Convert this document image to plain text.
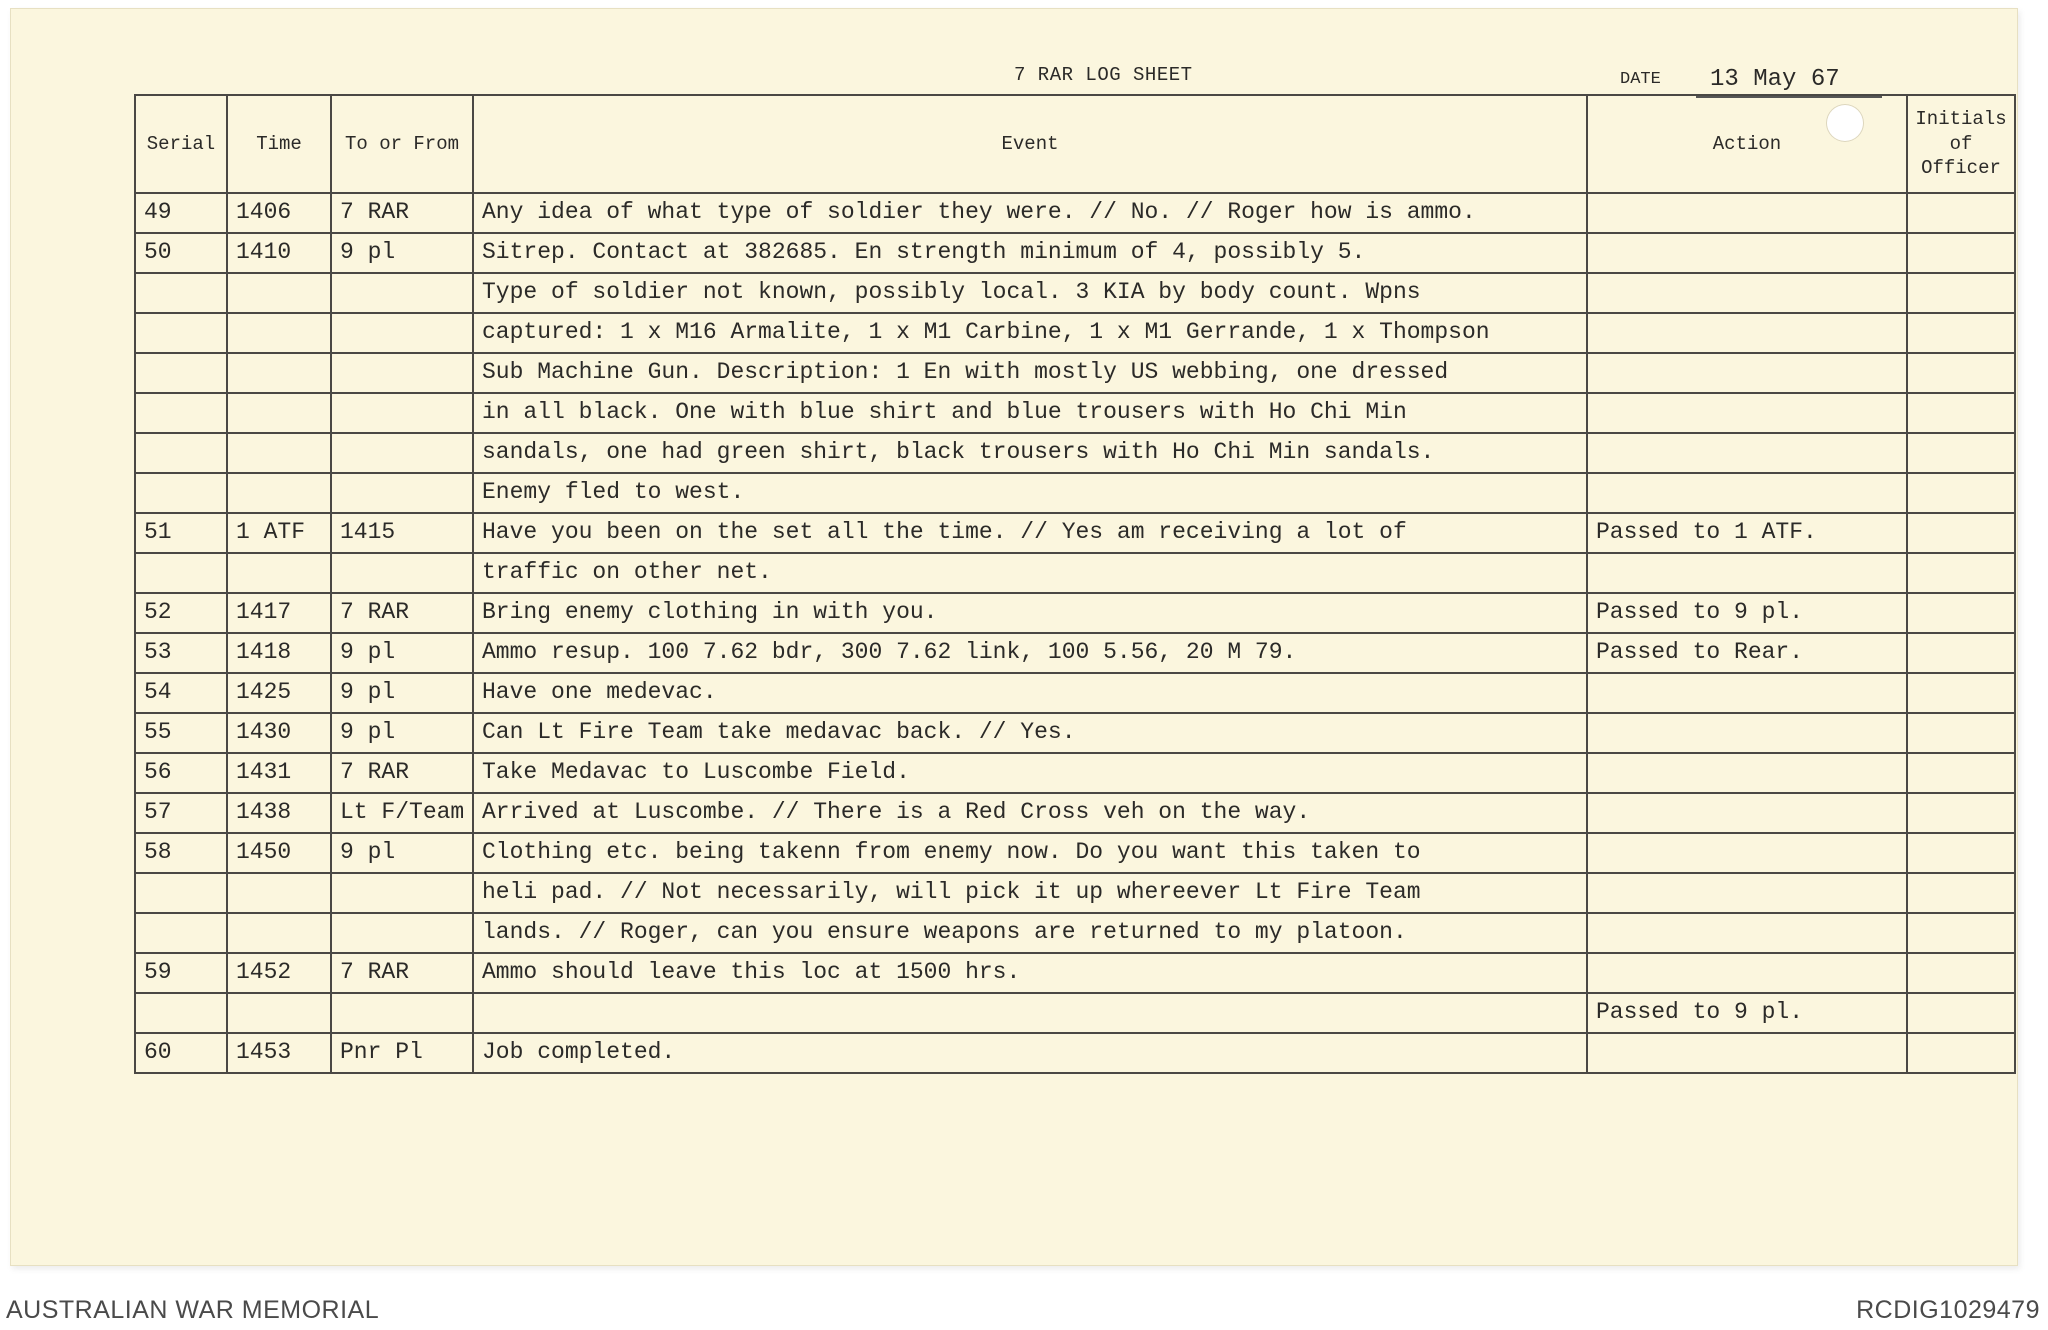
7 RAR LOG SHEET	DATE 13 May 67
Serial	Time	To or From	Event	Action	Initials of Officer
49	1406	7 RAR	Any idea of what type of soldier they were. // No. // Roger how is ammo.		
50	1410	9 pl	Sitrep. Contact at 382685. En strength minimum of 4, possibly 5.		
			Type of soldier not known, possibly local. 3 KIA by body count. Wpns		
			captured: 1 x M16 Armalite, 1 x M1 Carbine, 1 x M1 Gerrande, 1 x Thompson		
			Sub Machine Gun. Description: 1 En with mostly US webbing, one dressed		
			in all black. One with blue shirt and blue trousers with Ho Chi Min		
			sandals, one had green shirt, black trousers with Ho Chi Min sandals.		
			Enemy fled to west.		
51	1 ATF	1415	Have you been on the set all the time. // Yes am receiving a lot of	Passed to 1 ATF.	
			traffic on other net.		
52	1417	7 RAR	Bring enemy clothing in with you.	Passed to 9 pl.	
53	1418	9 pl	Ammo resup. 100 7.62 bdr, 300 7.62 link, 100 5.56, 20 M 79.	Passed to Rear.	
54	1425	9 pl	Have one medevac.		
55	1430	9 pl	Can Lt Fire Team take medavac back. // Yes.		
56	1431	7 RAR	Take Medavac to Luscombe Field.		
57	1438	Lt F/Team	Arrived at Luscombe. // There is a Red Cross veh on the way.		
58	1450	9 pl	Clothing etc. being takenn from enemy now. Do you want this taken to		
			heli pad. // Not necessarily, will pick it up whereever Lt Fire Team		
			lands. // Roger, can you ensure weapons are returned to my platoon.		
59	1452	7 RAR	Ammo should leave this loc at 1500 hrs.		
				Passed to 9 pl.	
60	1453	Pnr Pl	Job completed.		
AUSTRALIAN WAR MEMORIAL	RCDIG1029479
